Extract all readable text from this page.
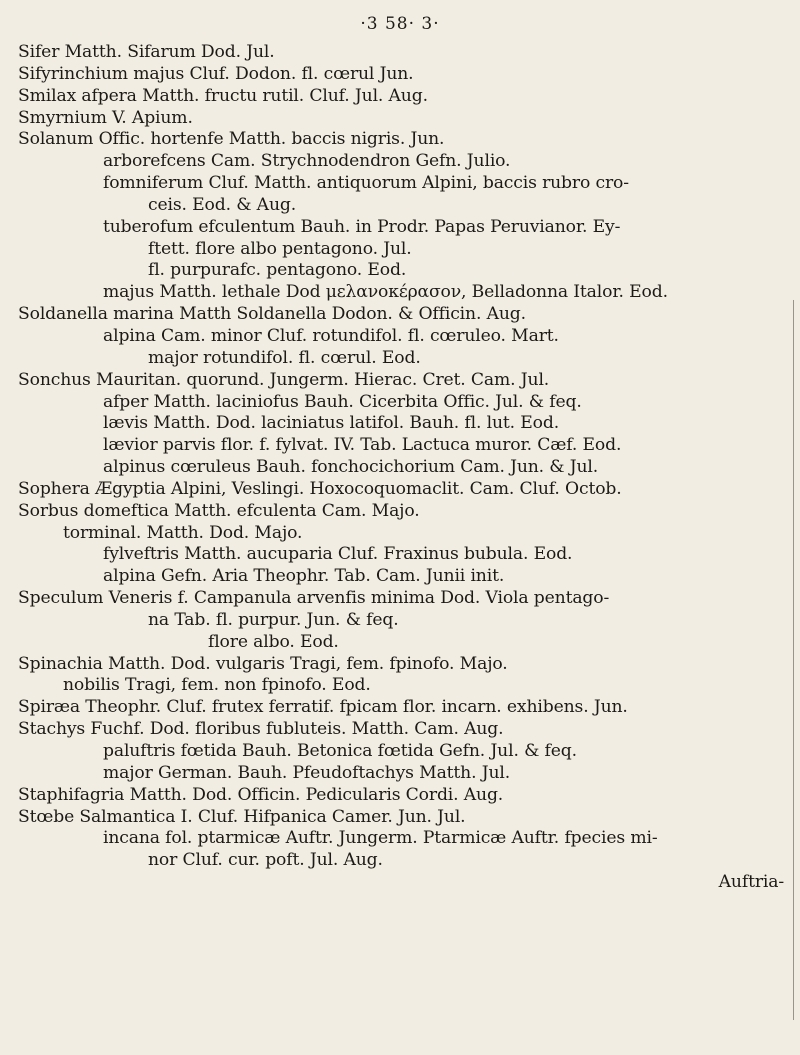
·3 58· 3·
Sifer Matth. Sifarum Dod. Jul.
Sifyrinchium majus Cluf. Dodon. fl. cœrul Jun.
Smilax afpera Matth. fructu rutil. Cluf. Jul. Aug.
Smyrnium V. Apium.
Solanum Offic. hortenfe Matth. baccis nigris. Jun.
arborefcens Cam. Strychnodendron Gefn. Julio.
fomniferum Cluf. Matth. antiquorum Alpini, baccis rubro cro-
ceis. Eod. & Aug.
tuberofum efculentum Bauh. in Prodr. Papas Peruvianor. Ey-
ftett. flore albo pentagono. Jul.
fl. purpurafc. pentagono. Eod.
majus Matth. lethale Dod μελανοκέρασον, Belladonna Italor. Eod.
Soldanella marina Matth Soldanella Dodon. & Officin. Aug.
alpina Cam. minor Cluf. rotundifol. fl. cœruleo. Mart.
major rotundifol. fl. cœrul. Eod.
Sonchus Mauritan. quorund. Jungerm. Hierac. Cret. Cam. Jul.
afper Matth. laciniofus Bauh. Cicerbita Offic. Jul. & feq.
lævis Matth. Dod. laciniatus latifol. Bauh. fl. lut. Eod.
lævior parvis flor. f. fylvat. IV. Tab. Lactuca muror. Cæf. Eod.
alpinus cœruleus Bauh. fonchocichorium Cam. Jun. & Jul.
Sophera Ægyptia Alpini, Veslingi. Hoxocoquomaclit. Cam. Cluf. Octob.
Sorbus domeftica Matth. efculenta Cam. Majo.
torminal. Matth. Dod. Majo.
fylveftris Matth. aucuparia Cluf. Fraxinus bubula. Eod.
alpina Gefn. Aria Theophr. Tab. Cam. Junii init.
Speculum Veneris f. Campanula arvenfis minima Dod. Viola pentago-
na Tab. fl. purpur. Jun. & feq.
flore albo. Eod.
Spinachia Matth. Dod. vulgaris Tragi, fem. fpinofo. Majo.
nobilis Tragi, fem. non fpinofo. Eod.
Spiræa Theophr. Cluf. frutex ferratif. fpicam flor. incarn. exhibens. Jun.
Stachys Fuchf. Dod. floribus fubluteis. Matth. Cam. Aug.
paluftris fœtida Bauh. Betonica fœtida Gefn. Jul. & feq.
major German. Bauh. Pfeudoftachys Matth. Jul.
Staphifagria Matth. Dod. Officin. Pedicularis Cordi. Aug.
Stœbe Salmantica I. Cluf. Hifpanica Camer. Jun. Jul.
incana fol. ptarmicæ Auftr. Jungerm. Ptarmicæ Auftr. fpecies mi-
nor Cluf. cur. poft. Jul. Aug.
Auftria-
